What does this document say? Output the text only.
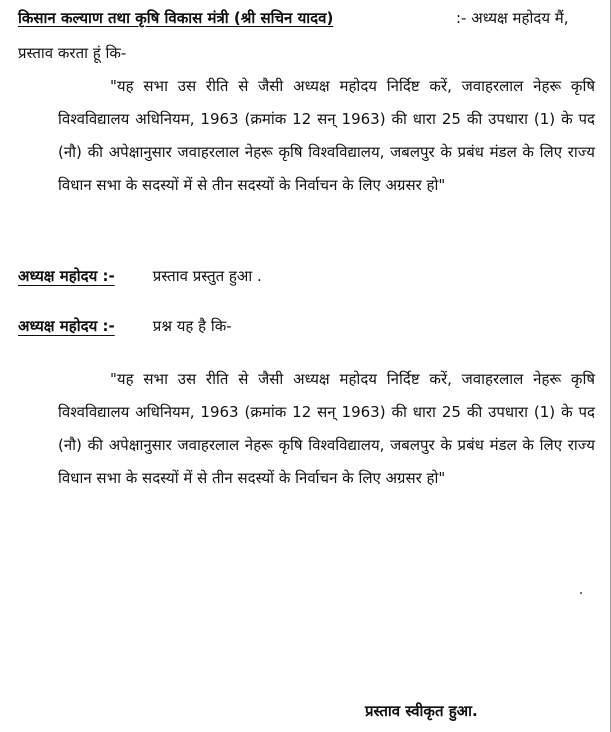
किसान कल्याण तथा कृषि विकास मंत्री (श्री सचिन यादव)	:- अध्यक्ष महोदय मैं,
प्रस्ताव करता हूं कि-

"यह सभा उस रीति से जैसी अध्यक्ष महोदय निर्दिष्ट करें, जवाहरलाल नेहरू कृषि विश्वविद्यालय अधिनियम, 1963 (क्रमांक 12 सन् 1963) की धारा 25 की उपधारा (1) के पद (नौ) की अपेक्षानुसार जवाहरलाल नेहरू कृषि विश्वविद्यालय, जबलपुर के प्रबंध मंडल के लिए राज्य विधान सभा के सदस्यों में से तीन सदस्यों के निर्वाचन के लिए अग्रसर हो"

अध्यक्ष महोदय :-	प्रस्ताव प्रस्तुत हुआ .
अध्यक्ष महोदय :-	प्रश्न यह है कि-

"यह सभा उस रीति से जैसी अध्यक्ष महोदय निर्दिष्ट करें, जवाहरलाल नेहरू कृषि विश्वविद्यालय अधिनियम, 1963 (क्रमांक 12 सन् 1963) की धारा 25 की उपधारा (1) के पद (नौ) की अपेक्षानुसार जवाहरलाल नेहरू कृषि विश्वविद्यालय, जबलपुर के प्रबंध मंडल के लिए राज्य विधान सभा के सदस्यों में से तीन सदस्यों के निर्वाचन के लिए अग्रसर हो"

प्रस्ताव स्वीकृत हुआ.
